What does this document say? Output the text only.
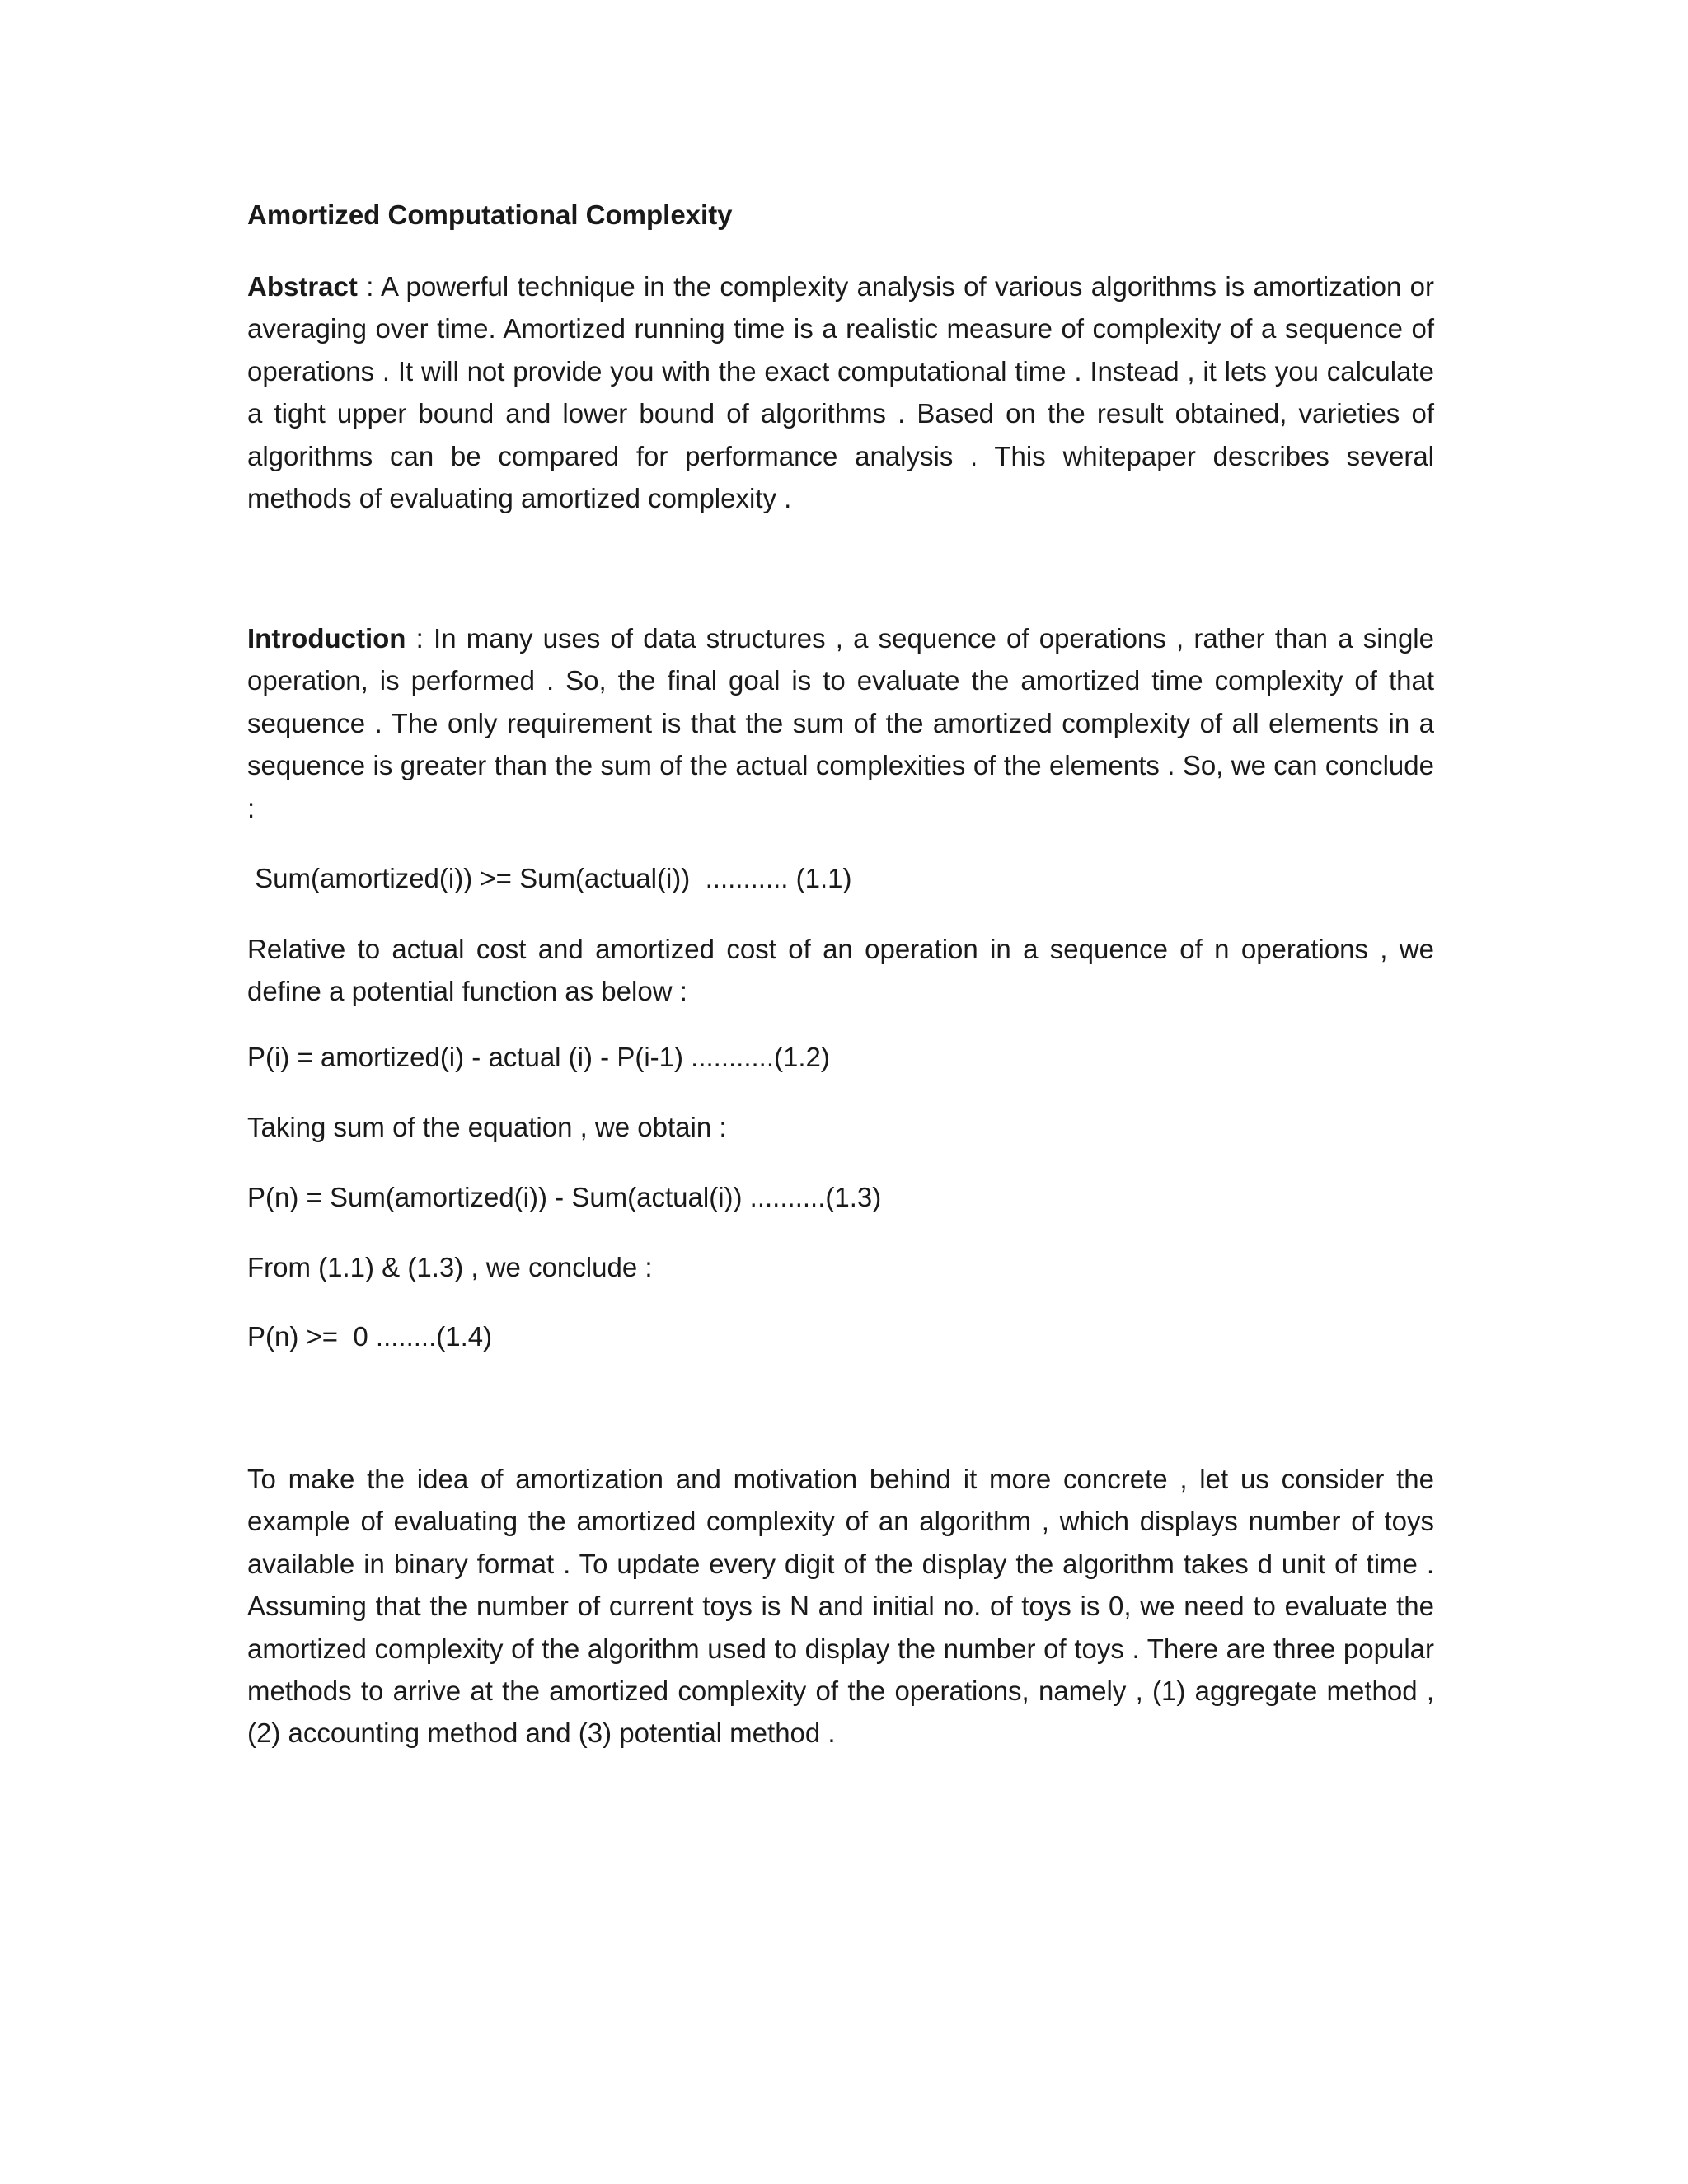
Amortized Computational Complexity

Abstract : A powerful technique in the complexity analysis of various algorithms is amortization or averaging over time. Amortized running time is a realistic measure of complexity of a sequence of operations . It will not provide you with the exact computational time . Instead , it lets you calculate a tight upper bound and lower bound of algorithms . Based on the result obtained, varieties of algorithms can be compared for performance analysis . This whitepaper describes several methods of evaluating amortized complexity .

Introduction : In many uses of data structures , a sequence of operations , rather than a single operation, is performed . So, the final goal is to evaluate the amortized time complexity of that sequence . The only requirement is that the sum of the amortized complexity of all elements in a sequence is greater than the sum of the actual complexities of the elements . So, we can conclude :

Sum(amortized(i)) >= Sum(actual(i))  ........... (1.1)

Relative to actual cost and amortized cost of an operation in a sequence of n operations , we define a potential function as below :

P(i) = amortized(i) - actual (i) - P(i-1) ...........(1.2)

Taking sum of the equation , we obtain :

P(n) = Sum(amortized(i)) - Sum(actual(i)) ..........(1.3)

From (1.1) & (1.3) , we conclude :

P(n) >=  0 ........(1.4)

To make the idea of amortization and motivation behind it more concrete , let us consider the example of evaluating the amortized complexity of an algorithm , which displays number of toys available in binary format . To update every digit of the display the algorithm takes d unit of time . Assuming that the number of current toys is N and initial no. of toys is 0, we need to evaluate the amortized complexity of the algorithm used to display the number of toys . There are three popular methods to arrive at the amortized complexity of the operations, namely , (1) aggregate method , (2) accounting method and (3) potential method .
